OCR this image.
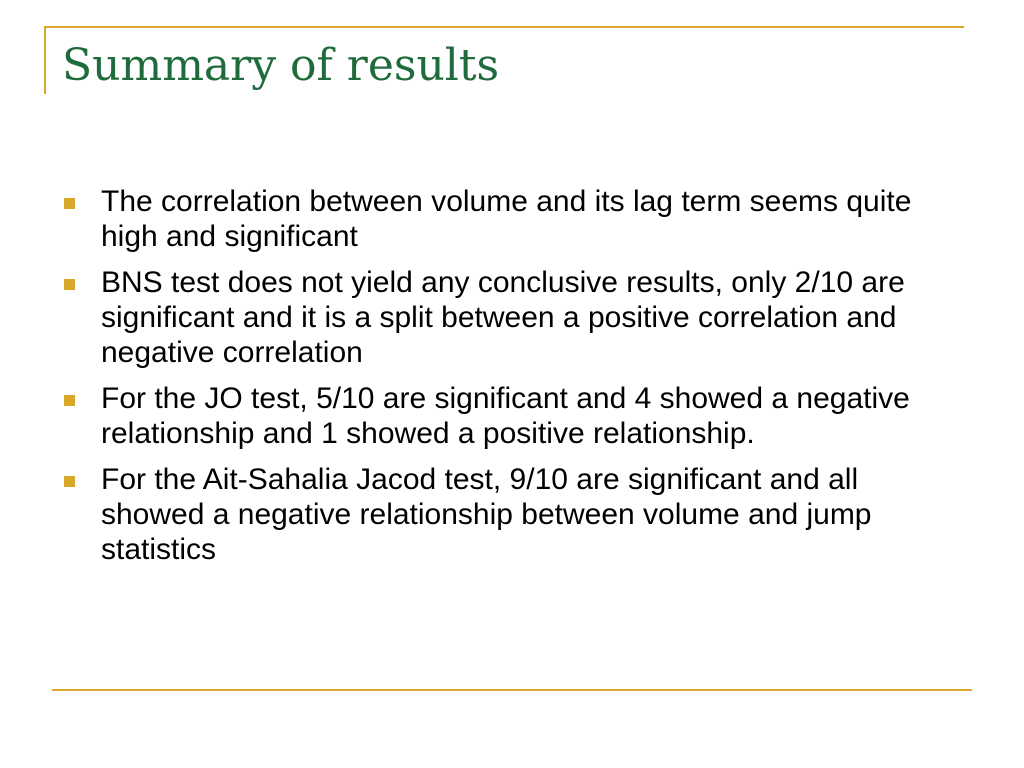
Summary of results
The correlation between volume and its lag term seems quite high and significant
BNS test does not yield any conclusive results, only 2/10 are significant and it is a split between a positive correlation and negative correlation
For the JO test, 5/10 are significant and 4 showed a negative relationship and 1 showed a positive relationship.
For the Ait-Sahalia Jacod test, 9/10 are significant and all showed a negative relationship between volume and jump statistics
